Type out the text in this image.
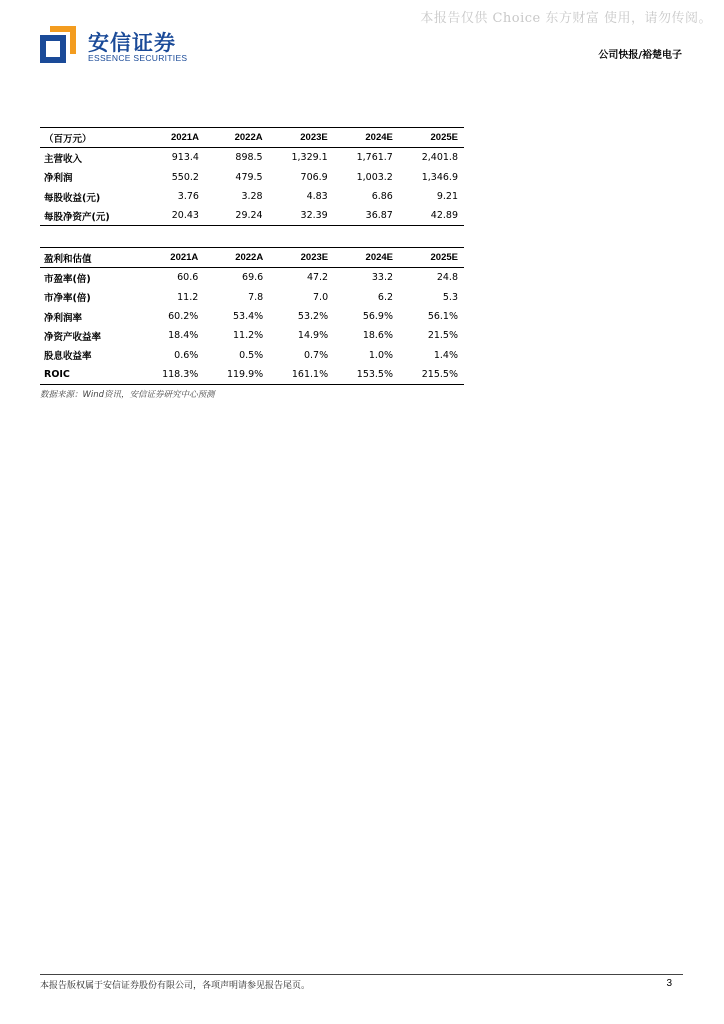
本报告仅供 Choice 东方财富 使用，请勿传阅。
安信证券
ESSENCE SECURITIES	公司快报/裕楚电子
（百万元）	2021A	2022A	2023E	2024E	2025E
主营收入	913.4	898.5	1,329.1	1,761.7	2,401.8
净利润	550.2	479.5	706.9	1,003.2	1,346.9
每股收益(元)	3.76	3.28	4.83	6.86	9.21
每股净资产(元)	20.43	29.24	32.39	36.87	42.89
盈利和估值	2021A	2022A	2023E	2024E	2025E
市盈率(倍)	60.6	69.6	47.2	33.2	24.8
市净率(倍)	11.2	7.8	7.0	6.2	5.3
净利润率	60.2%	53.4%	53.2%	56.9%	56.1%
净资产收益率	18.4%	11.2%	14.9%	18.6%	21.5%
股息收益率	0.6%	0.5%	0.7%	1.0%	1.4%
ROIC	118.3%	119.9%	161.1%	153.5%	215.5%
数据来源：Wind资讯，安信证券研究中心预测
本报告版权属于安信证券股份有限公司，各项声明请参见报告尾页。	3
